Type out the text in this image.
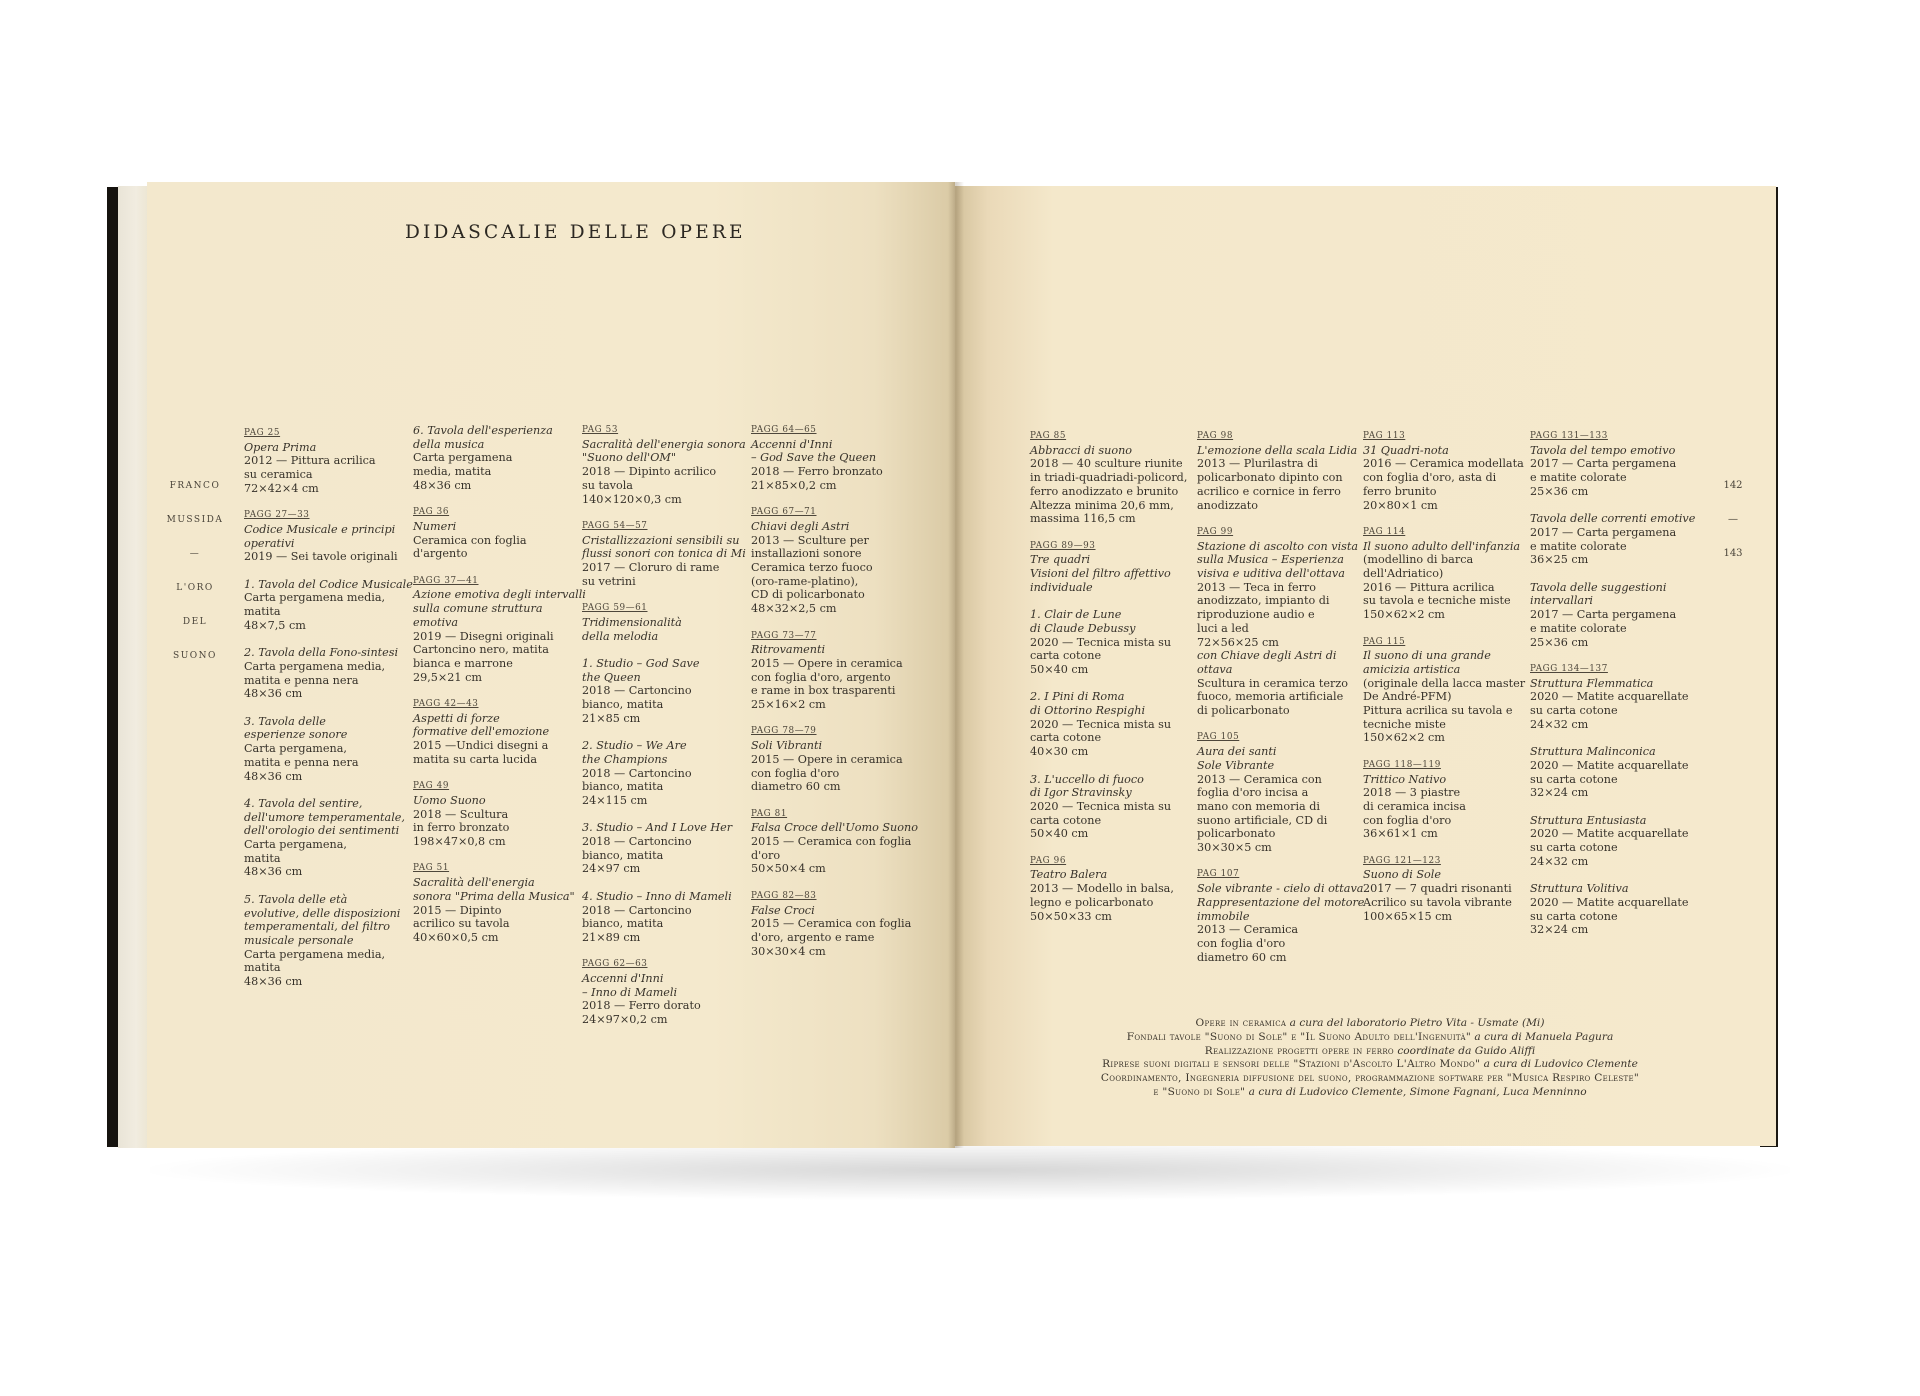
DIDASCALIE DELLE OPERE
FRANCO
MUSSIDA
—
L'ORO
DEL
SUONO
142
—
143
PAG 25
Opera Prima
2012 — Pittura acrilica
su ceramica
72×42×4 cm
PAGG 27—33
Codice Musicale e principi
operativi
2019 — Sei tavole originali
1. Tavola del Codice Musicale
Carta pergamena media,
matita
48×7,5 cm
2. Tavola della Fono-sintesi
Carta pergamena media,
matita e penna nera
48×36 cm
3. Tavola delle
esperienze sonore
Carta pergamena,
matita e penna nera
48×36 cm
4. Tavola del sentire,
dell'umore temperamentale,
dell'orologio dei sentimenti
Carta pergamena,
matita
48×36 cm
5. Tavola delle età
evolutive, delle disposizioni
temperamentali, del filtro
musicale personale
Carta pergamena media,
matita
48×36 cm
6. Tavola dell'esperienza
della musica
Carta pergamena
media, matita
48×36 cm
PAG 36
Numeri
Ceramica con foglia
d'argento
PAGG 37—41
Azione emotiva degli intervalli
sulla comune struttura
emotiva
2019 — Disegni originali
Cartoncino nero, matita
bianca e marrone
29,5×21 cm
PAGG 42—43
Aspetti di forze
formative dell'emozione
2015 —Undici disegni a
matita su carta lucida
PAG 49
Uomo Suono
2018 — Scultura
in ferro bronzato
198×47×0,8 cm
PAG 51
Sacralità dell'energia
sonora "Prima della Musica"
2015 — Dipinto
acrilico su tavola
40×60×0,5 cm
PAG 53
Sacralità dell'energia sonora
"Suono dell'OM"
2018 — Dipinto acrilico
su tavola
140×120×0,3 cm
PAGG 54—57
Cristallizzazioni sensibili su
flussi sonori con tonica di Mi
2017 — Cloruro di rame
su vetrini
PAGG 59—61
Tridimensionalità
della melodia
1. Studio – God Save
the Queen
2018 — Cartoncino
bianco, matita
21×85 cm
2. Studio – We Are
the Champions
2018 — Cartoncino
bianco, matita
24×115 cm
3. Studio – And I Love Her
2018 — Cartoncino
bianco, matita
24×97 cm
4. Studio – Inno di Mameli
2018 — Cartoncino
bianco, matita
21×89 cm
PAGG 62—63
Accenni d'Inni
– Inno di Mameli
2018 — Ferro dorato
24×97×0,2 cm
PAGG 64—65
Accenni d'Inni
– God Save the Queen
2018 — Ferro bronzato
21×85×0,2 cm
PAGG 67—71
Chiavi degli Astri
2013 — Sculture per
installazioni sonore
Ceramica terzo fuoco
(oro-rame-platino),
CD di policarbonato
48×32×2,5 cm
PAGG 73—77
Ritrovamenti
2015 — Opere in ceramica
con foglia d'oro, argento
e rame in box trasparenti
25×16×2 cm
PAGG 78—79
Soli Vibranti
2015 — Opere in ceramica
con foglia d'oro
diametro 60 cm
PAG 81
Falsa Croce dell'Uomo Suono
2015 — Ceramica con foglia
d'oro
50×50×4 cm
PAGG 82—83
False Croci
2015 — Ceramica con foglia
d'oro, argento e rame
30×30×4 cm
PAG 85
Abbracci di suono
2018 — 40 sculture riunite
in triadi-quadriadi-policord,
ferro anodizzato e brunito
Altezza minima 20,6 mm,
massima 116,5 cm
PAGG 89—93
Tre quadri
Visioni del filtro affettivo
individuale
1. Clair de Lune
di Claude Debussy
2020 — Tecnica mista su
carta cotone
50×40 cm
2. I Pini di Roma
di Ottorino Respighi
2020 — Tecnica mista su
carta cotone
40×30 cm
3. L'uccello di fuoco
di Igor Stravinsky
2020 — Tecnica mista su
carta cotone
50×40 cm
PAG 96
Teatro Balera
2013 — Modello in balsa,
legno e policarbonato
50×50×33 cm
PAG 98
L'emozione della scala Lidia
2013 — Plurilastra di
policarbonato dipinto con
acrilico e cornice in ferro
anodizzato
PAG 99
Stazione di ascolto con vista
sulla Musica – Esperienza
visiva e uditiva dell'ottava
2013 — Teca in ferro
anodizzato, impianto di
riproduzione audio e
luci a led
72×56×25 cm
con Chiave degli Astri di
ottava
Scultura in ceramica terzo
fuoco, memoria artificiale
di policarbonato
PAG 105
Aura dei santi
Sole Vibrante
2013 — Ceramica con
foglia d'oro incisa a
mano con memoria di
suono artificiale, CD di
policarbonato
30×30×5 cm
PAG 107
Sole vibrante - cielo di ottava
Rappresentazione del motore
immobile
2013 — Ceramica
con foglia d'oro
diametro 60 cm
PAG 113
31 Quadri-nota
2016 — Ceramica modellata
con foglia d'oro, asta di
ferro brunito
20×80×1 cm
PAG 114
Il suono adulto dell'infanzia
(modellino di barca
dell'Adriatico)
2016 — Pittura acrilica
su tavola e tecniche miste
150×62×2 cm
PAG 115
Il suono di una grande
amicizia artistica
(originale della lacca master
De André-PFM)
Pittura acrilica su tavola e
tecniche miste
150×62×2 cm
PAGG 118—119
Trittico Nativo
2018 — 3 piastre
di ceramica incisa
con foglia d'oro
36×61×1 cm
PAGG 121—123
Suono di Sole
2017 — 7 quadri risonanti
Acrilico su tavola vibrante
100×65×15 cm
PAGG 131—133
Tavola del tempo emotivo
2017 — Carta pergamena
e matite colorate
25×36 cm
Tavola delle correnti emotive
2017 — Carta pergamena
e matite colorate
36×25 cm
Tavola delle suggestioni
intervallari
2017 — Carta pergamena
e matite colorate
25×36 cm
PAGG 134—137
Struttura Flemmatica
2020 — Matite acquarellate
su carta cotone
24×32 cm
Struttura Malinconica
2020 — Matite acquarellate
su carta cotone
32×24 cm
Struttura Entusiasta
2020 — Matite acquarellate
su carta cotone
24×32 cm
Struttura Volitiva
2020 — Matite acquarellate
su carta cotone
32×24 cm
Opere in ceramica a cura del laboratorio Pietro Vita - Usmate (Mi)
Fondali tavole "Suono di Sole" e "Il Suono Adulto dell'Ingenuità" a cura di Manuela Pagura
Realizzazione progetti opere in ferro coordinate da Guido Aliffi
Riprese suoni digitali e sensori delle "Stazioni d'Ascolto L'Altro Mondo" a cura di Ludovico Clemente
Coordinamento, Ingegneria diffusione del suono, programmazione software per "Musica Respiro Celeste"
e "Suono di Sole" a cura di Ludovico Clemente, Simone Fagnani, Luca Menninno
